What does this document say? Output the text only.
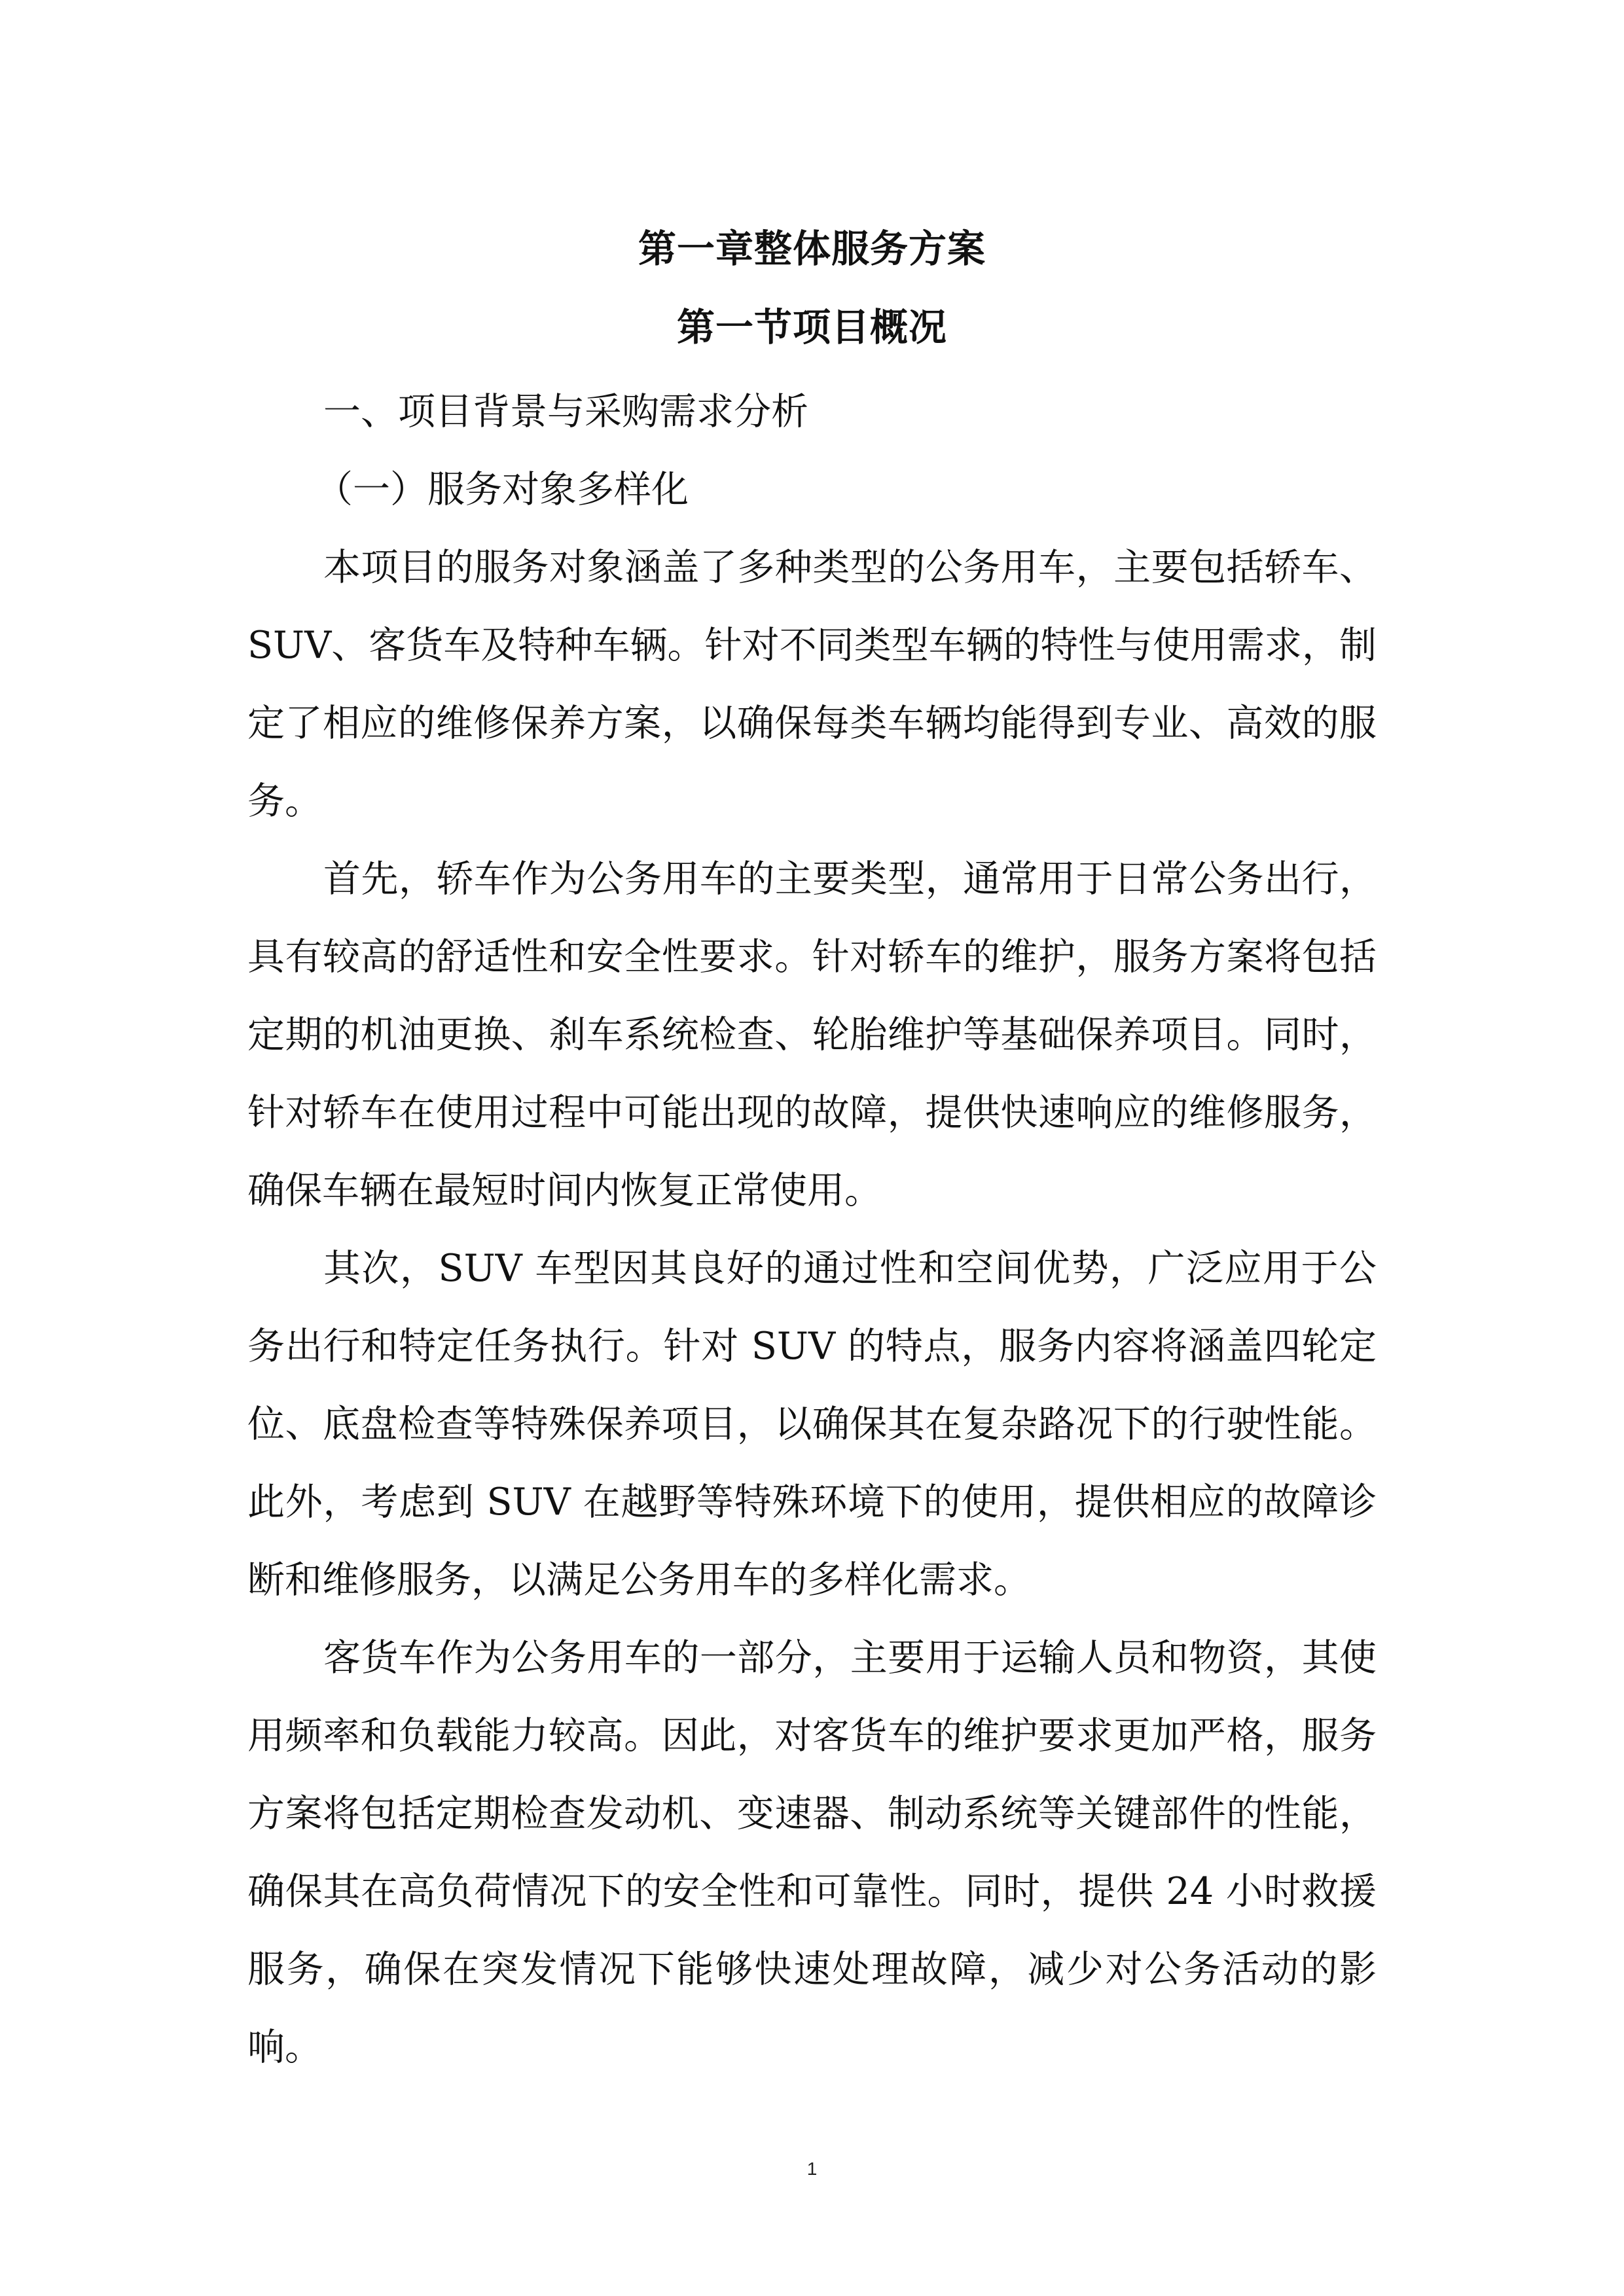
第一章整体服务方案
第一节项目概况

一、项目背景与采购需求分析

（一）服务对象多样化

本项目的服务对象涵盖了多种类型的公务用车，主要包括轿车、SUV、客货车及特种车辆。针对不同类型车辆的特性与使用需求，制定了相应的维修保养方案，以确保每类车辆均能得到专业、高效的服务。

首先，轿车作为公务用车的主要类型，通常用于日常公务出行，具有较高的舒适性和安全性要求。针对轿车的维护，服务方案将包括定期的机油更换、刹车系统检查、轮胎维护等基础保养项目。同时，针对轿车在使用过程中可能出现的故障，提供快速响应的维修服务，确保车辆在最短时间内恢复正常使用。

其次，SUV 车型因其良好的通过性和空间优势，广泛应用于公务出行和特定任务执行。针对 SUV 的特点，服务内容将涵盖四轮定位、底盘检查等特殊保养项目，以确保其在复杂路况下的行驶性能。此外，考虑到 SUV 在越野等特殊环境下的使用，提供相应的故障诊断和维修服务，以满足公务用车的多样化需求。

客货车作为公务用车的一部分，主要用于运输人员和物资，其使用频率和负载能力较高。因此，对客货车的维护要求更加严格，服务方案将包括定期检查发动机、变速器、制动系统等关键部件的性能，确保其在高负荷情况下的安全性和可靠性。同时，提供 24 小时救援服务，确保在突发情况下能够快速处理故障，减少对公务活动的影响。

1
